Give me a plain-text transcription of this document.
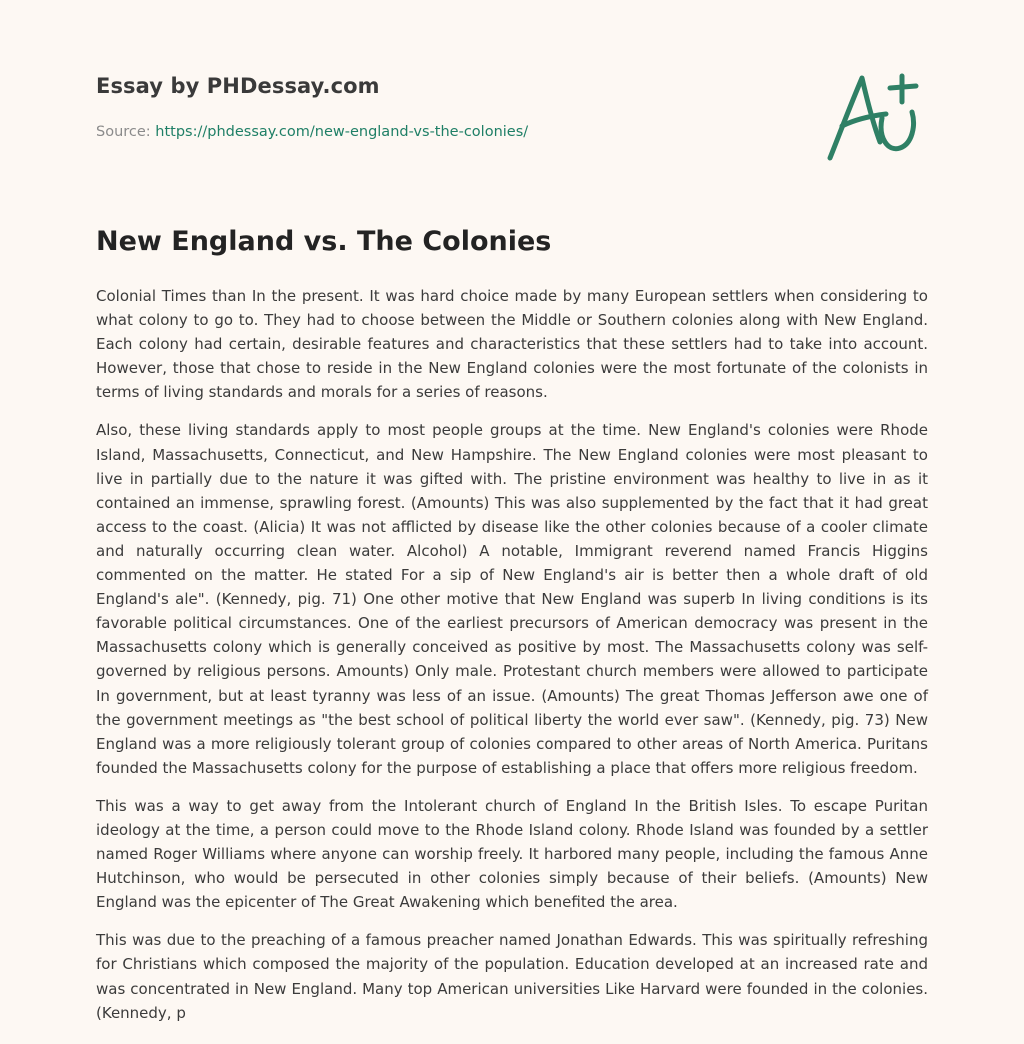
Essay by PHDessay.com
Source: https://phdessay.com/new-england-vs-the-colonies/
New England vs. The Colonies

Colonial Times than In the present. It was hard choice made by many European settlers when considering to what colony to go to. They had to choose between the Middle or Southern colonies along with New England. Each colony had certain, desirable features and characteristics that these settlers had to take into account. However, those that chose to reside in the New England colonies were the most fortunate of the colonists in terms of living standards and morals for a series of reasons.

Also, these living standards apply to most people groups at the time. New England's colonies were Rhode Island, Massachusetts, Connecticut, and New Hampshire. The New England colonies were most pleasant to live in partially due to the nature it was gifted with. The pristine environment was healthy to live in as it contained an immense, sprawling forest. (Amounts) This was also supplemented by the fact that it had great access to the coast. (Alicia) It was not afflicted by disease like the other colonies because of a cooler climate and naturally occurring clean water. Alcohol) A notable, Immigrant reverend named Francis Higgins commented on the matter. He stated For a sip of New England's air is better then a whole draft of old England's ale". (Kennedy, pig. 71) One other motive that New England was superb In living conditions is its favorable political circumstances. One of the earliest precursors of American democracy was present in the Massachusetts colony which is generally conceived as positive by most. The Massachusetts colony was self-governed by religious persons. Amounts) Only male. Protestant church members were allowed to participate In government, but at least tyranny was less of an issue. (Amounts) The great Thomas Jefferson awe one of the government meetings as "the best school of political liberty the world ever saw". (Kennedy, pig. 73) New England was a more religiously tolerant group of colonies compared to other areas of North America. Puritans founded the Massachusetts colony for the purpose of establishing a place that offers more religious freedom.

This was a way to get away from the Intolerant church of England In the British Isles. To escape Puritan ideology at the time, a person could move to the Rhode Island colony. Rhode Island was founded by a settler named Roger Williams where anyone can worship freely. It harbored many people, including the famous Anne Hutchinson, who would be persecuted in other colonies simply because of their beliefs. (Amounts) New England was the epicenter of The Great Awakening which benefited the area.

This was due to the preaching of a famous preacher named Jonathan Edwards. This was spiritually refreshing for Christians which composed the majority of the population. Education developed at an increased rate and was concentrated in New England. Many top American universities Like Harvard were founded in the colonies. (Kennedy, p
